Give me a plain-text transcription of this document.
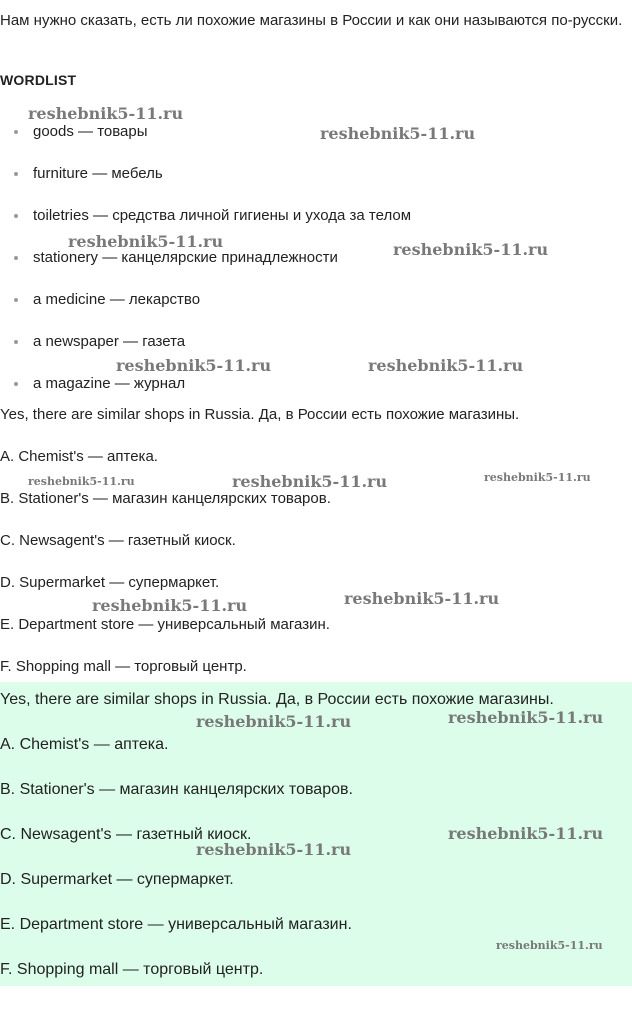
Нам нужно сказать, есть ли похожие магазины в России и как они называются по-русски.

WORDLIST
goods — товары
furniture — мебель
toiletries — средства личной гигиены и ухода за телом
stationery — канцелярские принадлежности
a medicine — лекарство
a newspaper — газета
a magazine — журнал

Yes, there are similar shops in Russia. Да, в России есть похожие магазины.

A. Chemist's — аптека.

B. Stationer's — магазин канцелярских товаров.

C. Newsagent's — газетный киоск.

D. Supermarket — супермаркет.

E. Department store — универсальный магазин.

F. Shopping mall — торговый центр.

Yes, there are similar shops in Russia. Да, в России есть похожие магазины.

A. Chemist's — аптека.

B. Stationer's — магазин канцелярских товаров.

C. Newsagent's — газетный киоск.

D. Supermarket — супермаркет.

E. Department store — универсальный магазин.

F. Shopping mall — торговый центр.

reshebnik5-11.ru
reshebnik5-11.ru
reshebnik5-11.ru	reshebnik5-11.ru
reshebnik5-11.ru	reshebnik5-11.ru
reshebnik5-11.ru	reshebnik5-11.ru	reshebnik5-11.ru
reshebnik5-11.ru	reshebnik5-11.ru
reshebnik5-11.ru	reshebnik5-11.ru
reshebnik5-11.ru
reshebnik5-11.ru
reshebnik5-11.ru
